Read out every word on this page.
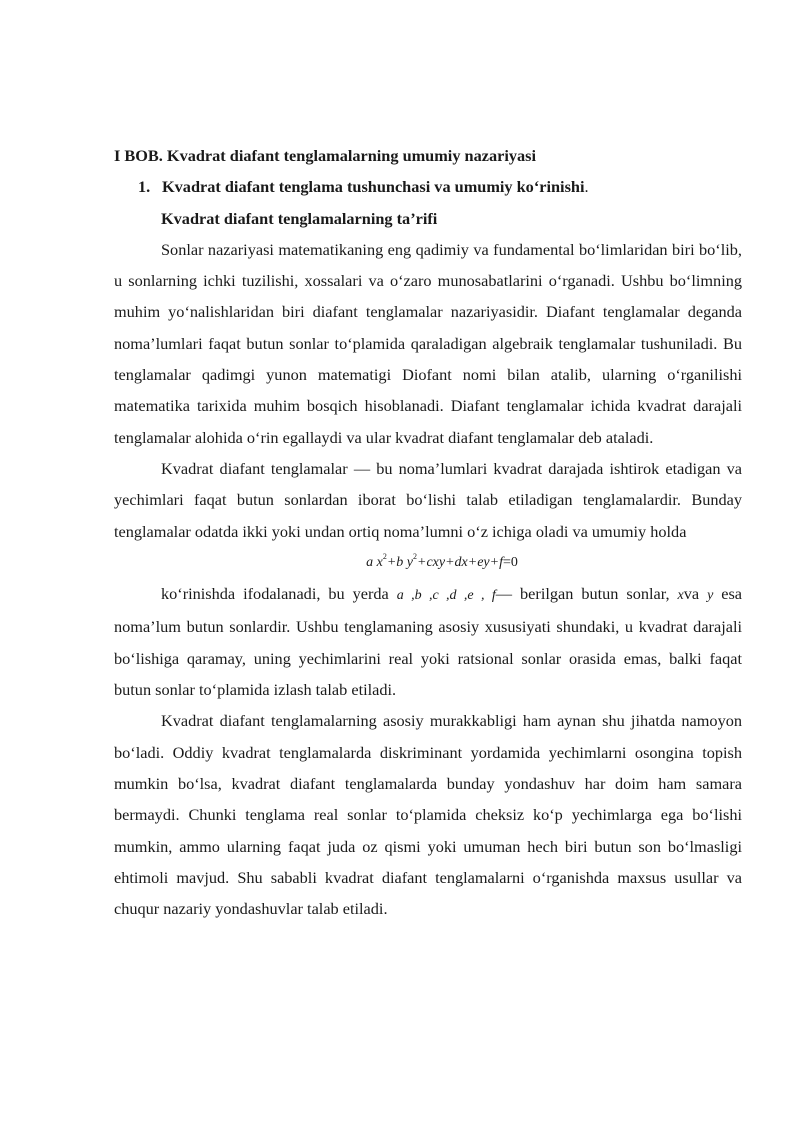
I BOB. Kvadrat diafant tenglamalarning umumiy nazariyasi
1. Kvadrat diafant tenglama tushunchasi va umumiy koʻrinishi.
Kvadrat diafant tenglamalarning taʼrifi

Sonlar nazariyasi matematikaning eng qadimiy va fundamental boʻlimlaridan biri boʻlib, u sonlarning ichki tuzilishi, xossalari va oʻzaro munosabatlarini oʻrganadi. Ushbu boʻlimning muhim yoʻnalishlaridan biri diafant tenglamalar nazariyasidir. Diafant tenglamalar deganda nomaʼlumlari faqat butun sonlar toʻplamida qaraladigan algebraik tenglamalar tushuniladi. Bu tenglamalar qadimgi yunon matematigi Diofant nomi bilan atalib, ularning oʻrganilishi matematika tarixida muhim bosqich hisoblanadi. Diafant tenglamalar ichida kvadrat darajali tenglamalar alohida oʻrin egallaydi va ular kvadrat diafant tenglamalar deb ataladi.

Kvadrat diafant tenglamalar — bu nomaʼlumlari kvadrat darajada ishtirok etadigan va yechimlari faqat butun sonlardan iborat boʻlishi talab etiladigan tenglamalardir. Bunday tenglamalar odatda ikki yoki undan ortiq nomaʼlumni oʻz ichiga oladi va umumiy holda

a $x^2+b$ $y^2+cxy+dx+ey+f=0$

koʻrinishda ifodalanadi, bu yerda a ,b ,c ,d ,e , f— berilgan butun sonlar, xva y esa nomaʼlum butun sonlardir. Ushbu tenglamaning asosiy xususiyati shundaki, u kvadrat darajali boʻlishiga qaramay, uning yechimlarini real yoki ratsional sonlar orasida emas, balki faqat butun sonlar toʻplamida izlash talab etiladi.

Kvadrat diafant tenglamalarning asosiy murakkabligi ham aynan shu jihatda namoyon boʻladi. Oddiy kvadrat tenglamalarda diskriminant yordamida yechimlarni osongina topish mumkin boʻlsa, kvadrat diafant tenglamalarda bunday yondashuv har doim ham samara bermaydi. Chunki tenglama real sonlar toʻplamida cheksiz koʻp yechimlarga ega boʻlishi mumkin, ammo ularning faqat juda oz qismi yoki umuman hech biri butun son boʻlmasligi ehtimoli mavjud. Shu sababli kvadrat diafant tenglamalarni oʻrganishda maxsus usullar va chuqur nazariy yondashuvlar talab etiladi.
